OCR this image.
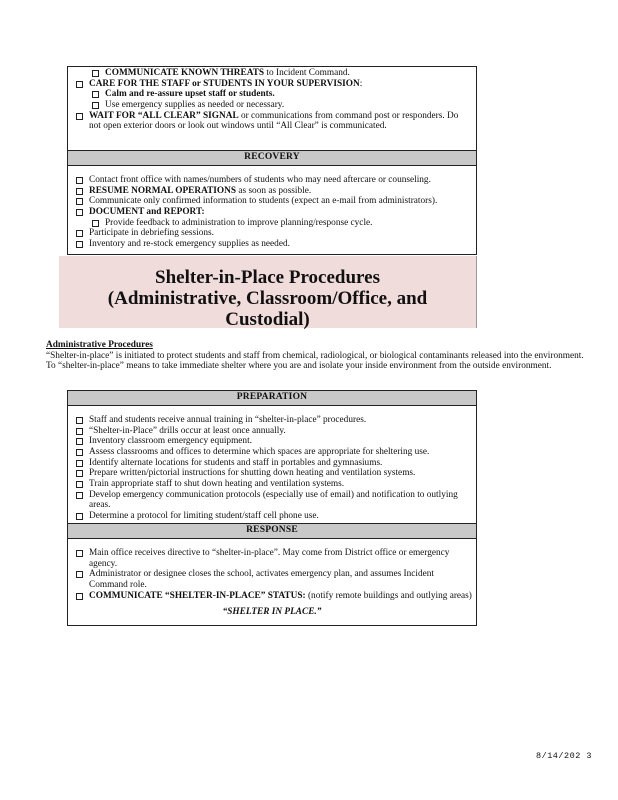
COMMUNICATE KNOWN THREATS to Incident Command.
CARE FOR THE STAFF or STUDENTS IN YOUR SUPERVISION:
Calm and re-assure upset staff or students.
Use emergency supplies as needed or necessary.
WAIT FOR “ALL CLEAR” SIGNAL or communications from command post or responders. Do not open exterior doors or look out windows until “All Clear” is communicated.
RECOVERY
Contact front office with names/numbers of students who may need aftercare or counseling.
RESUME NORMAL OPERATIONS as soon as possible.
Communicate only confirmed information to students (expect an e-mail from administrators).
DOCUMENT and REPORT:
Provide feedback to administration to improve planning/response cycle.
Participate in debriefing sessions.
Inventory and re-stock emergency supplies as needed.
Shelter-in-Place Procedures
(Administrative, Classroom/Office, and
Custodial)
Administrative Procedures
“Shelter-in-place” is initiated to protect students and staff from chemical, radiological, or biological contaminants released into the environment. To “shelter-in-place” means to take immediate shelter where you are and isolate your inside environment from the outside environment.
PREPARATION
Staff and students receive annual training in “shelter-in-place” procedures.
“Shelter-in-Place” drills occur at least once annually.
Inventory classroom emergency equipment.
Assess classrooms and offices to determine which spaces are appropriate for sheltering use.
Identify alternate locations for students and staff in portables and gymnasiums.
Prepare written/pictorial instructions for shutting down heating and ventilation systems.
Train appropriate staff to shut down heating and ventilation systems.
Develop emergency communication protocols (especially use of email) and notification to outlying areas.
Determine a protocol for limiting student/staff cell phone use.
RESPONSE
Main office receives directive to “shelter-in-place”. May come from District office or emergency agency.
Administrator or designee closes the school, activates emergency plan, and assumes Incident Command role.
COMMUNICATE “SHELTER-IN-PLACE” STATUS: (notify remote buildings and outlying areas)
“SHELTER IN PLACE.”
8/14/202 3
